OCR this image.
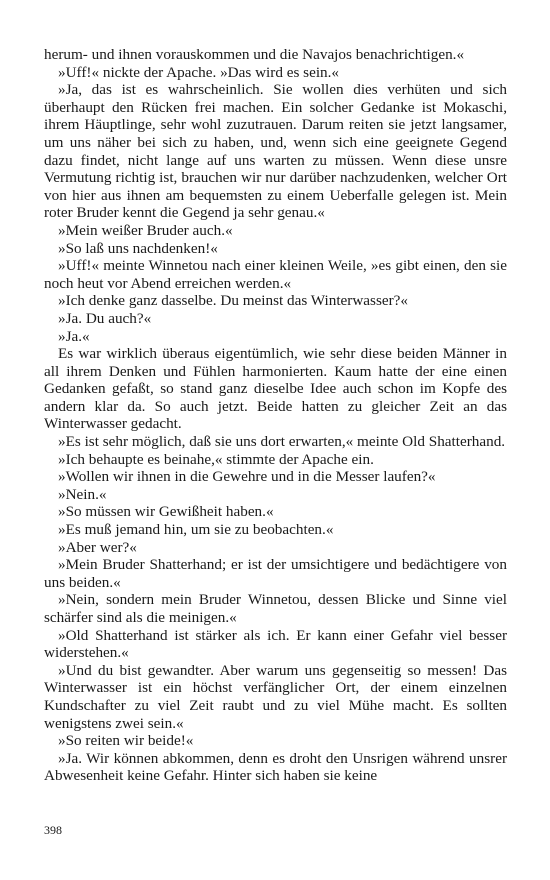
herum- und ihnen vorauskommen und die Navajos benachrichtigen.«

»Uff!« nickte der Apache. »Das wird es sein.«

»Ja, das ist es wahrscheinlich. Sie wollen dies verhüten und sich überhaupt den Rücken frei machen. Ein solcher Gedanke ist Mokaschi, ihrem Häuptlinge, sehr wohl zuzutrauen. Darum reiten sie jetzt langsamer, um uns näher bei sich zu haben, und, wenn sich eine geeignete Gegend dazu findet, nicht lange auf uns warten zu müssen. Wenn diese unsre Vermutung richtig ist, brauchen wir nur darüber nachzudenken, welcher Ort von hier aus ihnen am bequemsten zu einem Ueberfalle gelegen ist. Mein roter Bruder kennt die Gegend ja sehr genau.«

»Mein weißer Bruder auch.«

»So laß uns nachdenken!«

»Uff!« meinte Winnetou nach einer kleinen Weile, »es gibt einen, den sie noch heut vor Abend erreichen werden.«

»Ich denke ganz dasselbe. Du meinst das Winterwasser?«

»Ja. Du auch?«

»Ja.«

Es war wirklich überaus eigentümlich, wie sehr diese beiden Männer in all ihrem Denken und Fühlen harmonierten. Kaum hatte der eine einen Gedanken gefaßt, so stand ganz dieselbe Idee auch schon im Kopfe des andern klar da. So auch jetzt. Beide hatten zu gleicher Zeit an das Winterwasser gedacht.

»Es ist sehr möglich, daß sie uns dort erwarten,« meinte Old Shatterhand.

»Ich behaupte es beinahe,« stimmte der Apache ein.

»Wollen wir ihnen in die Gewehre und in die Messer laufen?«

»Nein.«

»So müssen wir Gewißheit haben.«

»Es muß jemand hin, um sie zu beobachten.«

»Aber wer?«

»Mein Bruder Shatterhand; er ist der umsichtigere und bedächtigere von uns beiden.«

»Nein, sondern mein Bruder Winnetou, dessen Blicke und Sinne viel schärfer sind als die meinigen.«

»Old Shatterhand ist stärker als ich. Er kann einer Gefahr viel besser widerstehen.«

»Und du bist gewandter. Aber warum uns gegenseitig so messen! Das Winterwasser ist ein höchst verfänglicher Ort, der einem einzelnen Kundschafter zu viel Zeit raubt und zu viel Mühe macht. Es sollten wenigstens zwei sein.«

»So reiten wir beide!«

»Ja. Wir können abkommen, denn es droht den Unsrigen während unsrer Abwesenheit keine Gefahr. Hinter sich haben sie keine

398
